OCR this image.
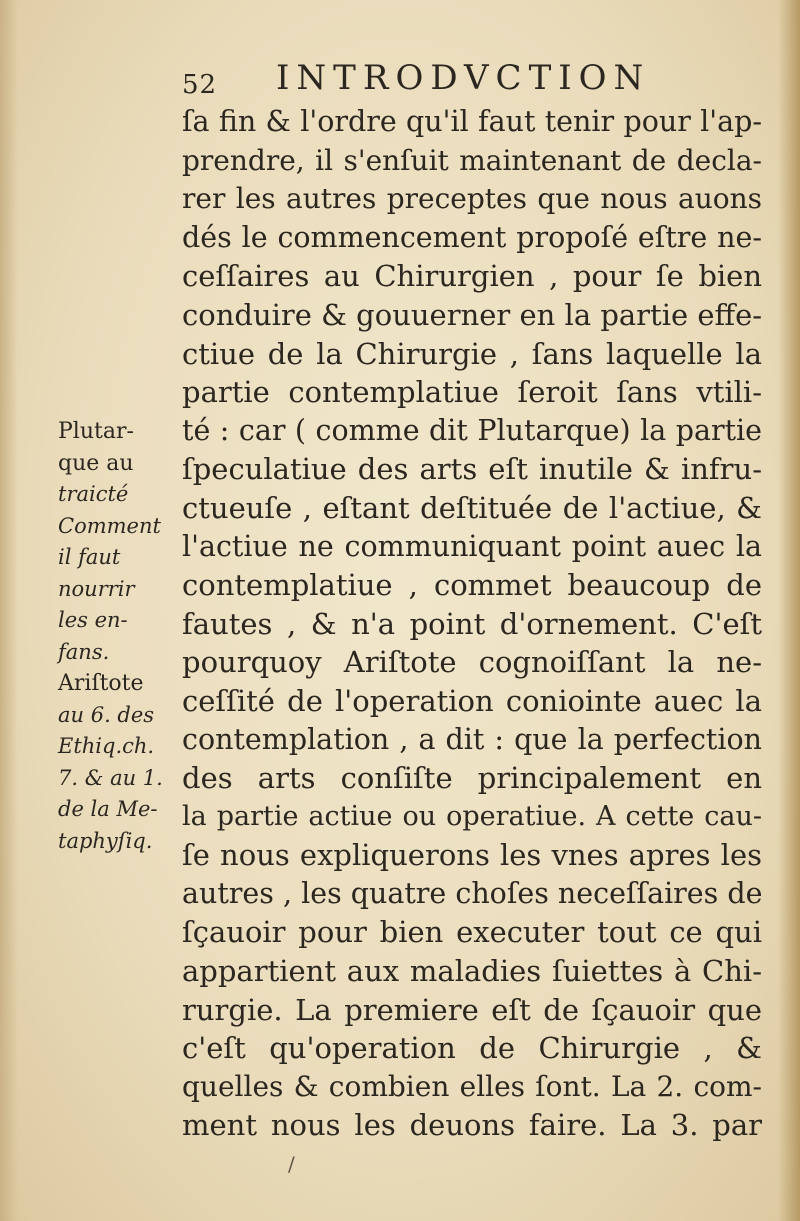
52 INTRODVCTION
ſa fin & l'ordre qu'il faut tenir pour l'ap-
prendre, il s'enſuit maintenant de decla-
rer les autres preceptes que nous auons
dés le commencement propoſé eſtre ne-
ceſſaires au Chirurgien , pour ſe bien
conduire & gouuerner en la partie effe-
ctiue de la Chirurgie , ſans laquelle la
partie contemplatiue ſeroit ſans vtili-
té : car ( comme dit Plutarque) la partie
ſpeculatiue des arts eſt inutile & infru-
ctueuſe , eſtant deſtituée de l'actiue, &
l'actiue ne communiquant point auec la
contemplatiue , commet beaucoup de
fautes , & n'a point d'ornement. C'eſt
pourquoy Ariſtote cognoiſſant la ne-
ceſſité de l'operation coniointe auec la
contemplation , a dit : que la perfection
des arts conſiſte principalement en
la partie actiue ou operatiue. A cette cau-
ſe nous expliquerons les vnes apres les
autres , les quatre choſes neceſſaires de
ſçauoir pour bien executer tout ce qui
appartient aux maladies ſuiettes à Chi-
rurgie. La premiere eſt de ſçauoir que
c'eſt qu'operation de Chirurgie , &
quelles & combien elles ſont. La 2. com-
ment nous les deuons faire. La 3. par
Plutar-
que au
traicté
Comment
il faut
nourrir
les en-
fans.
Ariſtote
au 6. des
Ethiq.ch.
7. & au 1.
de la Me-
taphyſiq.
/
